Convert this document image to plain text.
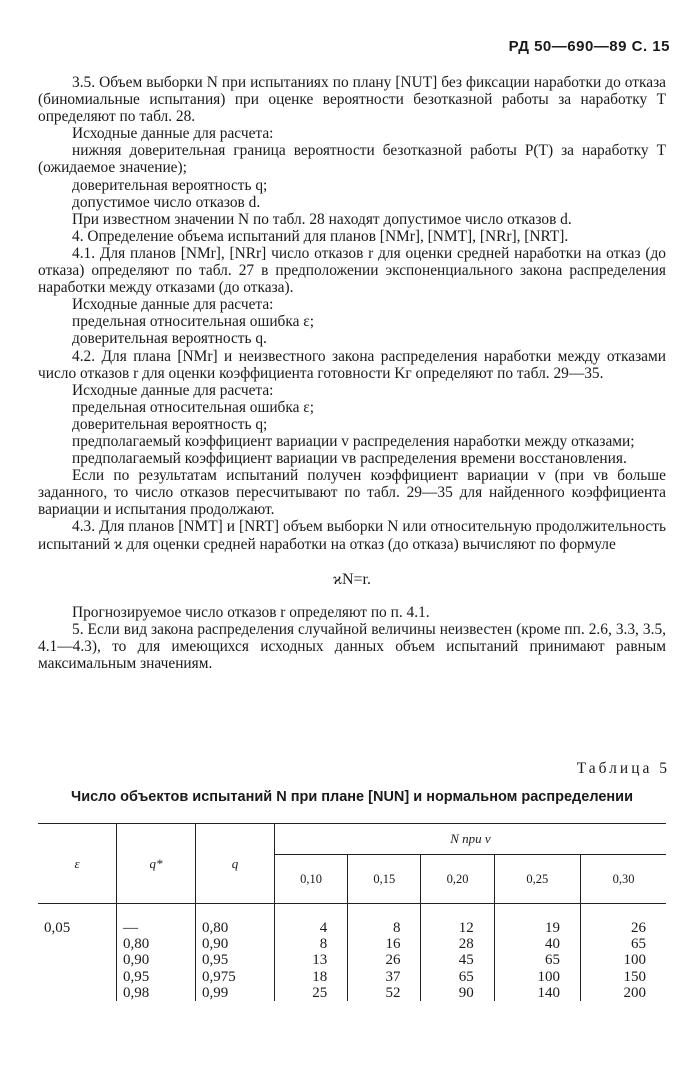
РД 50—690—89 С. 15

3.5. Объем выборки N при испытаниях по плану [NUT] без фиксации наработки до отказа (биномиальные испытания) при оценке вероятности безотказной работы за наработку T определяют по табл. 28.

Исходные данные для расчета:

нижняя доверительная граница вероятности безотказной работы P(T) за наработку T (ожидаемое значение);

доверительная вероятность q;

допустимое число отказов d.

При известном значении N по табл. 28 находят допустимое число отказов d.

4. Определение объема испытаний для планов [NMr], [NMT], [NRr], [NRT].

4.1. Для планов [NMr], [NRr] число отказов r для оценки средней наработки на отказ (до отказа) определяют по табл. 27 в предположении экспоненциального закона распределения наработки между отказами (до отказа).

Исходные данные для расчета:

предельная относительная ошибка ε;

доверительная вероятность q.

4.2. Для плана [NMr] и неизвестного закона распределения наработки между отказами число отказов r для оценки коэффициента готовности Kг определяют по табл. 29—35.

Исходные данные для расчета:

предельная относительная ошибка ε;

доверительная вероятность q;

предполагаемый коэффициент вариации v распределения наработки между отказами;

предполагаемый коэффициент вариации vв распределения времени восстановления.

Если по результатам испытаний получен коэффициент вариации v (при vв больше заданного, то число отказов пересчитывают по табл. 29—35 для найденного коэффициента вариации и испытания продолжают.

4.3. Для планов [NMT] и [NRT] объем выборки N или относительную продолжительность испытаний ϰ для оценки средней наработки на отказ (до отказа) вычисляют по формуле

ϰN=r.

Прогнозируемое число отказов r определяют по п. 4.1.

5. Если вид закона распределения случайной величины неизвестен (кроме пп. 2.6, 3.3, 3.5, 4.1—4.3), то для имеющихся исходных данных объем испытаний принимают равным максимальным значениям.

Таблица 5
Число объектов испытаний N при плане [NUN] и нормальном распределении
ε	q*	q	N при v				
			0,10	0,15	0,20	0,25	0,30
0,05	—	0,80	4	8	12	19	26
	0,80	0,90	8	16	28	40	65
	0,90	0,95	13	26	45	65	100
	0,95	0,975	18	37	65	100	150
	0,98	0,99	25	52	90	140	200
